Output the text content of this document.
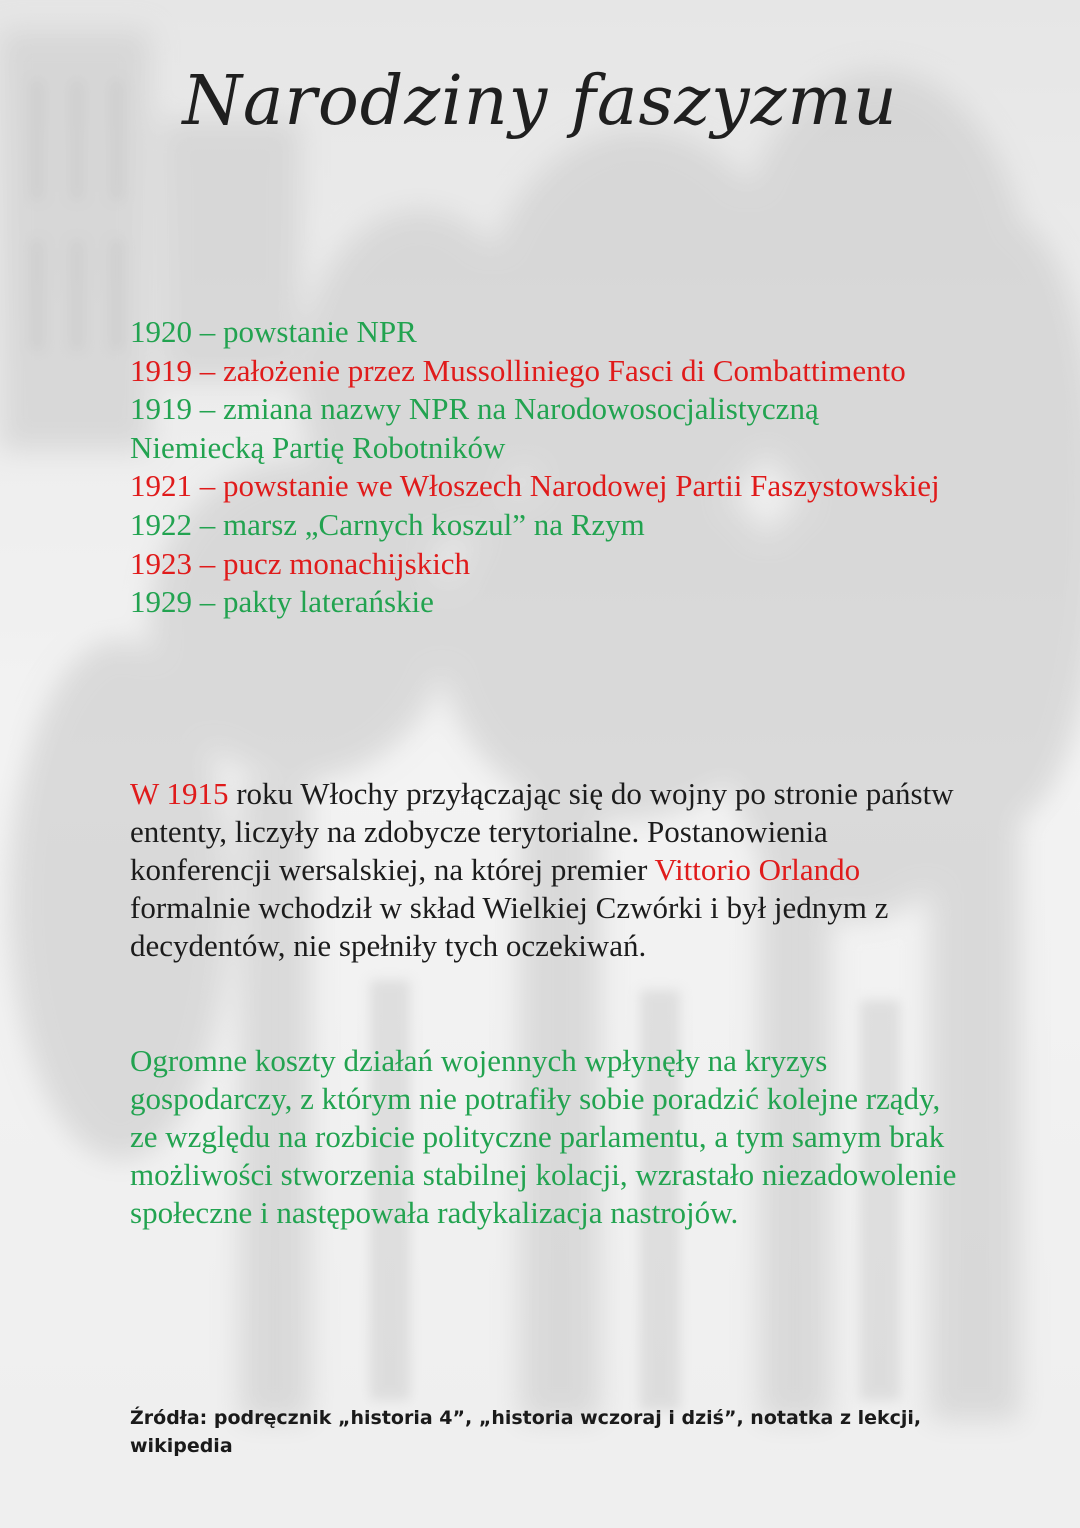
Narodziny faszyzmu
1920 – powstanie NPR
1919 – założenie przez Mussolliniego Fasci di Combattimento
1919 – zmiana nazwy NPR na Narodowosocjalistyczną Niemiecką Partię Robotników
1921 – powstanie we Włoszech Narodowej Partii Faszystowskiej
1922 – marsz „Carnych koszul” na Rzym
1923 – pucz monachijskich
1929 – pakty laterańskie

W 1915 roku Włochy przyłączając się do wojny po stronie państw ententy, liczyły na zdobycze terytorialne. Postanowienia konferencji wersalskiej, na której premier Vittorio Orlando formalnie wchodził w skład Wielkiej Czwórki i był jednym z decydentów, nie spełniły tych oczekiwań.

Ogromne koszty działań wojennych wpłynęły na kryzys gospodarczy, z którym nie potrafiły sobie poradzić kolejne rządy, ze względu na rozbicie polityczne parlamentu, a tym samym brak możliwości stworzenia stabilnej kolacji, wzrastało niezadowolenie społeczne i następowała radykalizacja nastrojów.

Źródła: podręcznik „historia 4”, „historia wczoraj i dziś”, notatka z lekcji, wikipedia
